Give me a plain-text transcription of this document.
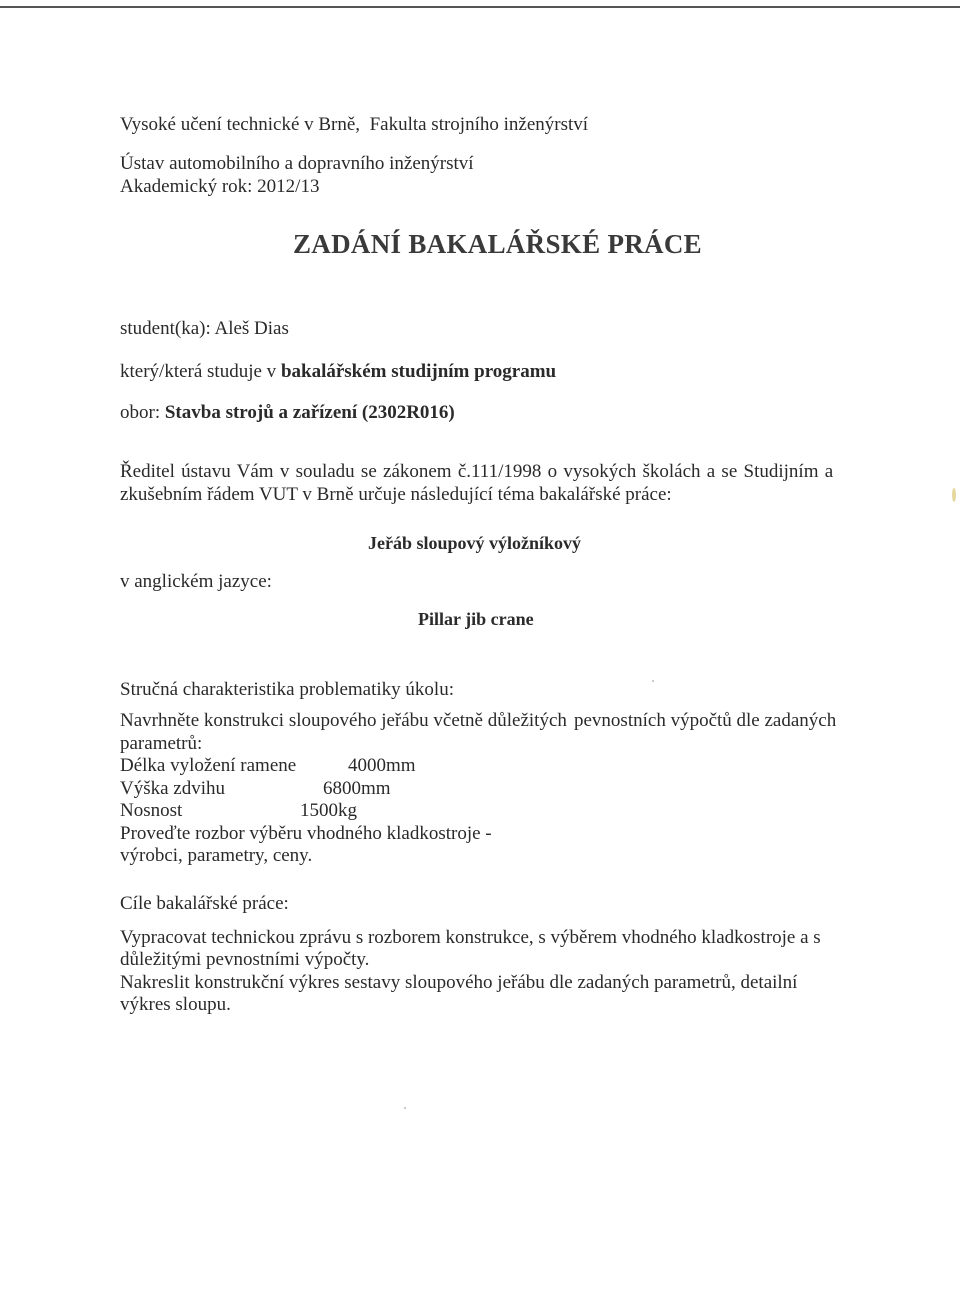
Vysoké učení technické v Brně, Fakulta strojního inženýrství
Ústav automobilního a dopravního inženýrství
Akademický rok: 2012/13
ZADÁNÍ BAKALÁŘSKÉ PRÁCE
student(ka): Aleš Dias
který/která studuje v bakalářském studijním programu
obor: Stavba strojů a zařízení (2302R016)
Ředitel ústavu Vám v souladu se zákonem č.111/1998 o vysokých školách a se Studijním a
zkušebním řádem VUT v Brně určuje následující téma bakalářské práce:
Jeřáb sloupový výložníkový
v anglickém jazyce:
Pillar jib crane
Stručná charakteristika problematiky úkolu:
Navrhněte konstrukci sloupového jeřábu včetně důležitých pevnostních výpočtů dle zadaných
parametrů:
Délka vyložení ramene	4000mm
Výška zdvihu	6800mm
Nosnost	1500kg
Proveďte rozbor výběru vhodného kladkostroje -
výrobci, parametry, ceny.
Cíle bakalářské práce:
Vypracovat technickou zprávu s rozborem konstrukce, s výběrem vhodného kladkostroje a s
důležitými pevnostními výpočty.
Nakreslit konstrukční výkres sestavy sloupového jeřábu dle zadaných parametrů, detailní
výkres sloupu.
